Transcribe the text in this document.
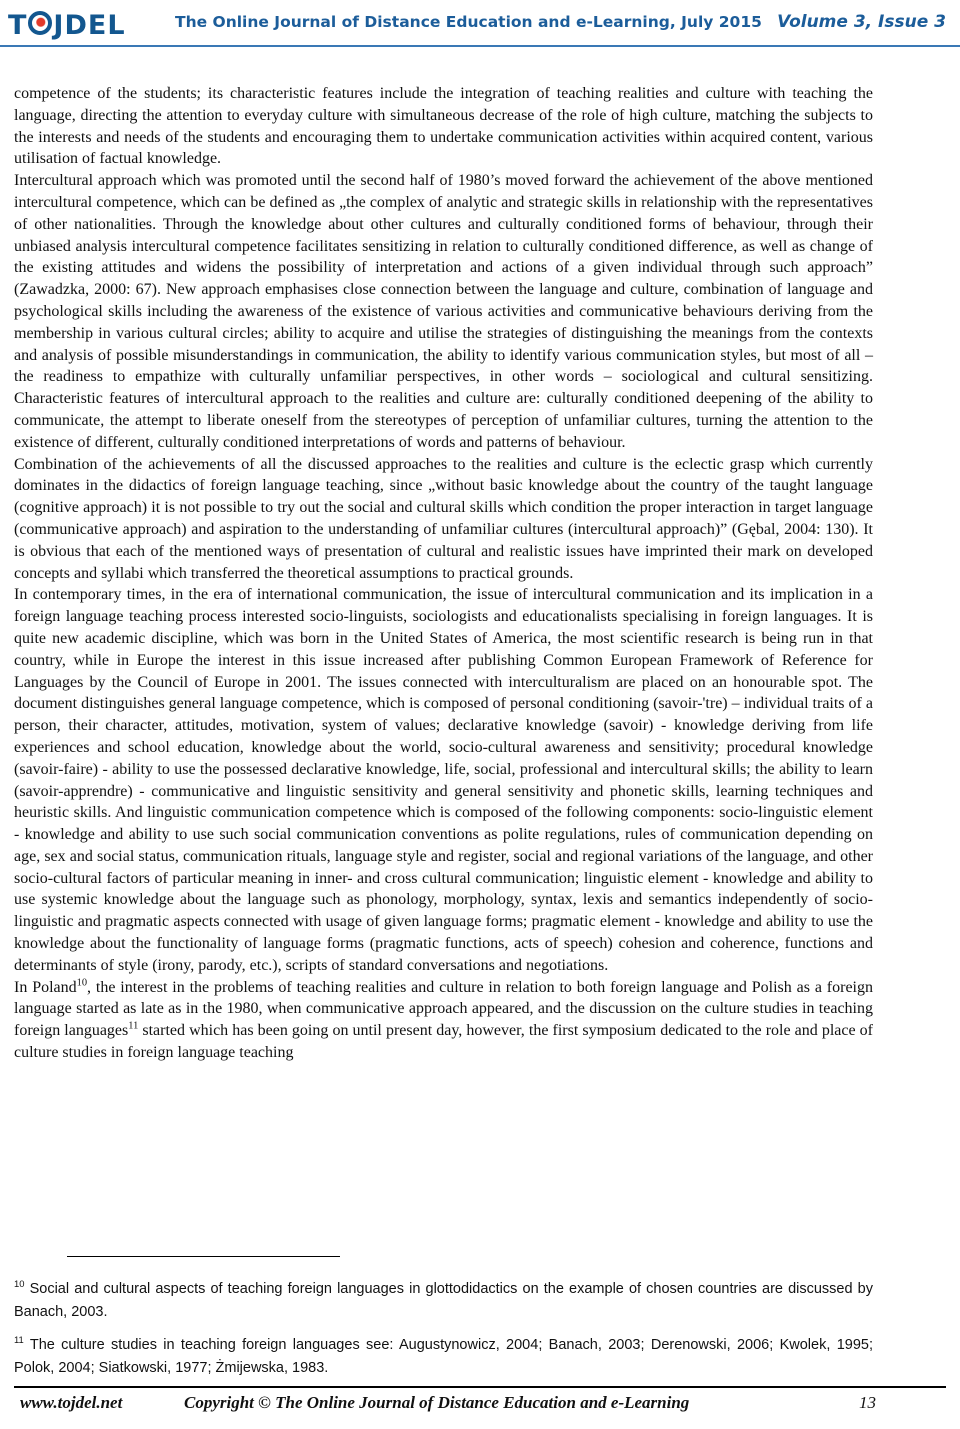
T JDEL	The Online Journal of Distance Education and e-Learning, July 2015 Volume 3, Issue 3

competence of the students; its characteristic features include the integration of teaching realities and culture with teaching the language, directing the attention to everyday culture with simultaneous decrease of the role of high culture, matching the subjects to the interests and needs of the students and encouraging them to undertake communication activities within acquired content, various utilisation of factual knowledge.

Intercultural approach which was promoted until the second half of 1980’s moved forward the achievement of the above mentioned intercultural competence, which can be defined as „the complex of analytic and strategic skills in relationship with the representatives of other nationalities. Through the knowledge about other cultures and culturally conditioned forms of behaviour, through their unbiased analysis intercultural competence facilitates sensitizing in relation to culturally conditioned difference, as well as change of the existing attitudes and widens the possibility of interpretation and actions of a given individual through such approach” (Zawadzka, 2000: 67). New approach emphasises close connection between the language and culture, combination of language and psychological skills including the awareness of the existence of various activities and communicative behaviours deriving from the membership in various cultural circles; ability to acquire and utilise the strategies of distinguishing the meanings from the contexts and analysis of possible misunderstandings in communication, the ability to identify various communication styles, but most of all – the readiness to empathize with culturally unfamiliar perspectives, in other words – sociological and cultural sensitizing. Characteristic features of intercultural approach to the realities and culture are: culturally conditioned deepening of the ability to communicate, the attempt to liberate oneself from the stereotypes of perception of unfamiliar cultures, turning the attention to the existence of different, culturally conditioned interpretations of words and patterns of behaviour.

Combination of the achievements of all the discussed approaches to the realities and culture is the eclectic grasp which currently dominates in the didactics of foreign language teaching, since „without basic knowledge about the country of the taught language (cognitive approach) it is not possible to try out the social and cultural skills which condition the proper interaction in target language (communicative approach) and aspiration to the understanding of unfamiliar cultures (intercultural approach)” (Gębal, 2004: 130). It is obvious that each of the mentioned ways of presentation of cultural and realistic issues have imprinted their mark on developed concepts and syllabi which transferred the theoretical assumptions to practical grounds.

In contemporary times, in the era of international communication, the issue of intercultural communication and its implication in a foreign language teaching process interested socio-linguists, sociologists and educationalists specialising in foreign languages. It is quite new academic discipline, which was born in the United States of America, the most scientific research is being run in that country, while in Europe the interest in this issue increased after publishing Common European Framework of Reference for Languages by the Council of Europe in 2001. The issues connected with interculturalism are placed on an honourable spot. The document distinguishes general language competence, which is composed of personal conditioning (savoir-'tre) – individual traits of a person, their character, attitudes, motivation, system of values; declarative knowledge (savoir) - knowledge deriving from life experiences and school education, knowledge about the world, socio-cultural awareness and sensitivity; procedural knowledge (savoir-faire) - ability to use the possessed declarative knowledge, life, social, professional and intercultural skills; the ability to learn (savoir-apprendre) - communicative and linguistic sensitivity and general sensitivity and phonetic skills, learning techniques and heuristic skills. And linguistic communication competence which is composed of the following components: socio-linguistic element - knowledge and ability to use such social communication conventions as polite regulations, rules of communication depending on age, sex and social status, communication rituals, language style and register, social and regional variations of the language, and other socio-cultural factors of particular meaning in inner- and cross cultural communication; linguistic element - knowledge and ability to use systemic knowledge about the language such as phonology, morphology, syntax, lexis and semantics independently of socio-linguistic and pragmatic aspects connected with usage of given language forms; pragmatic element - knowledge and ability to use the knowledge about the functionality of language forms (pragmatic functions, acts of speech) cohesion and coherence, functions and determinants of style (irony, parody, etc.), scripts of standard conversations and negotiations.

In Poland$^{10}$, the interest in the problems of teaching realities and culture in relation to both foreign language and Polish as a foreign language started as late as in the 1980, when communicative approach appeared, and the discussion on the culture studies in teaching foreign languages$^{11}$ started which has been going on until present day, however, the first symposium dedicated to the role and place of culture studies in foreign language teaching

$^{10}$ Social and cultural aspects of teaching foreign languages in glottodidactics on the example of chosen countries are discussed by Banach, 2003.

$^{11}$ The culture studies in teaching foreign languages see: Augustynowicz, 2004; Banach, 2003; Derenowski, 2006; Kwolek, 1995; Polok, 2004; Siatkowski, 1977; Żmijewska, 1983.

www.tojdel.net	Copyright © The Online Journal of Distance Education and e-Learning	13
